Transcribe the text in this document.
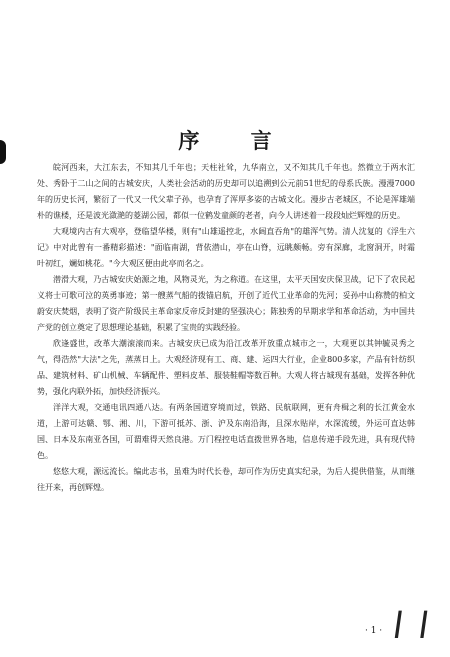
序 言

皖河西来，大江东去，不知其几千年也；天柱社耸，九华南立，又不知其几千年也。然微立于两水汇处、秀卧于二山之间的古城安庆，人类社会活动的历史却可以追溯到公元前51世纪的母系氏族。漫漫7000年的历史长河，繁衍了一代又一代父辈子孙，也孕育了浑厚多姿的古城文化。漫步古老城区，不论是浑雄端朴的谯楼，还是波光潋滟的菱湖公园，都似一位鹤发童颜的老者，向今人讲述着一段段灿烂辉煌的历史。

大观境内古有大观亭，登临望华楼，则有"山雄遥控北，水阔直吞角"的雄浑气势。清人沈复的《浮生六记》中对此曾有一番精彩描述："面临南湖，背依潜山，亭在山脊，远眺颇畅。旁有深廊，北窗洞开，时霜叶初红，斓如桃花。"今大观区便由此亭而名之。

潜滑大观，乃古城安庆始源之地，风物灵光，为之称道。在这里，太平天国安庆保卫战，记下了农民起义将士可歌可泣的英勇事迹；第一艘蒸气船的拨锚启航，开创了近代工业革命的先河；妥孙中山称赞的柏文蔚安庆焚烟，表明了资产阶级民主革命家反帝反封建的坚强决心；陈独秀的早期求学和革命活动，为中国共产党的创立奠定了思想理论基础，积累了宝贵的实践经验。

欣逢盛世，改革大潮滚滚而来。古城安庆已成为沿江改革开放重点城市之一，大观更以其钟毓灵秀之气，得浩然"大法"之先，蒸蒸日上。大观经济现有工、商、建、运四大行业，企业800多家，产品有针纺织品、建筑材料、矿山机械、车辆配件、塑料皮革、服装鞋帽等数百种。大观人将古城现有基础，发挥各种优势，强化内联外拓，加快经济振兴。

洋洋大观，交通电讯四通八达。有两条国道穿境而过，铁路、民航联网，更有舟楫之利的长江黄金水道，上游可达赣、鄂、湘、川，下游可抵苏、浙、沪及东南沿海，且深水贴岸，水深流缓，外运可直达韩国、日本及东南亚各国，可谓难得天然良港。万门程控电话直拨世界各地，信息传递手段先进，具有现代特色。

悠悠大观，源远流长。编此志书，虽难为时代长卷，却可作为历史真实纪录，为后人提供借鉴，从而继往开来，再创辉煌。

· 1 · l l
